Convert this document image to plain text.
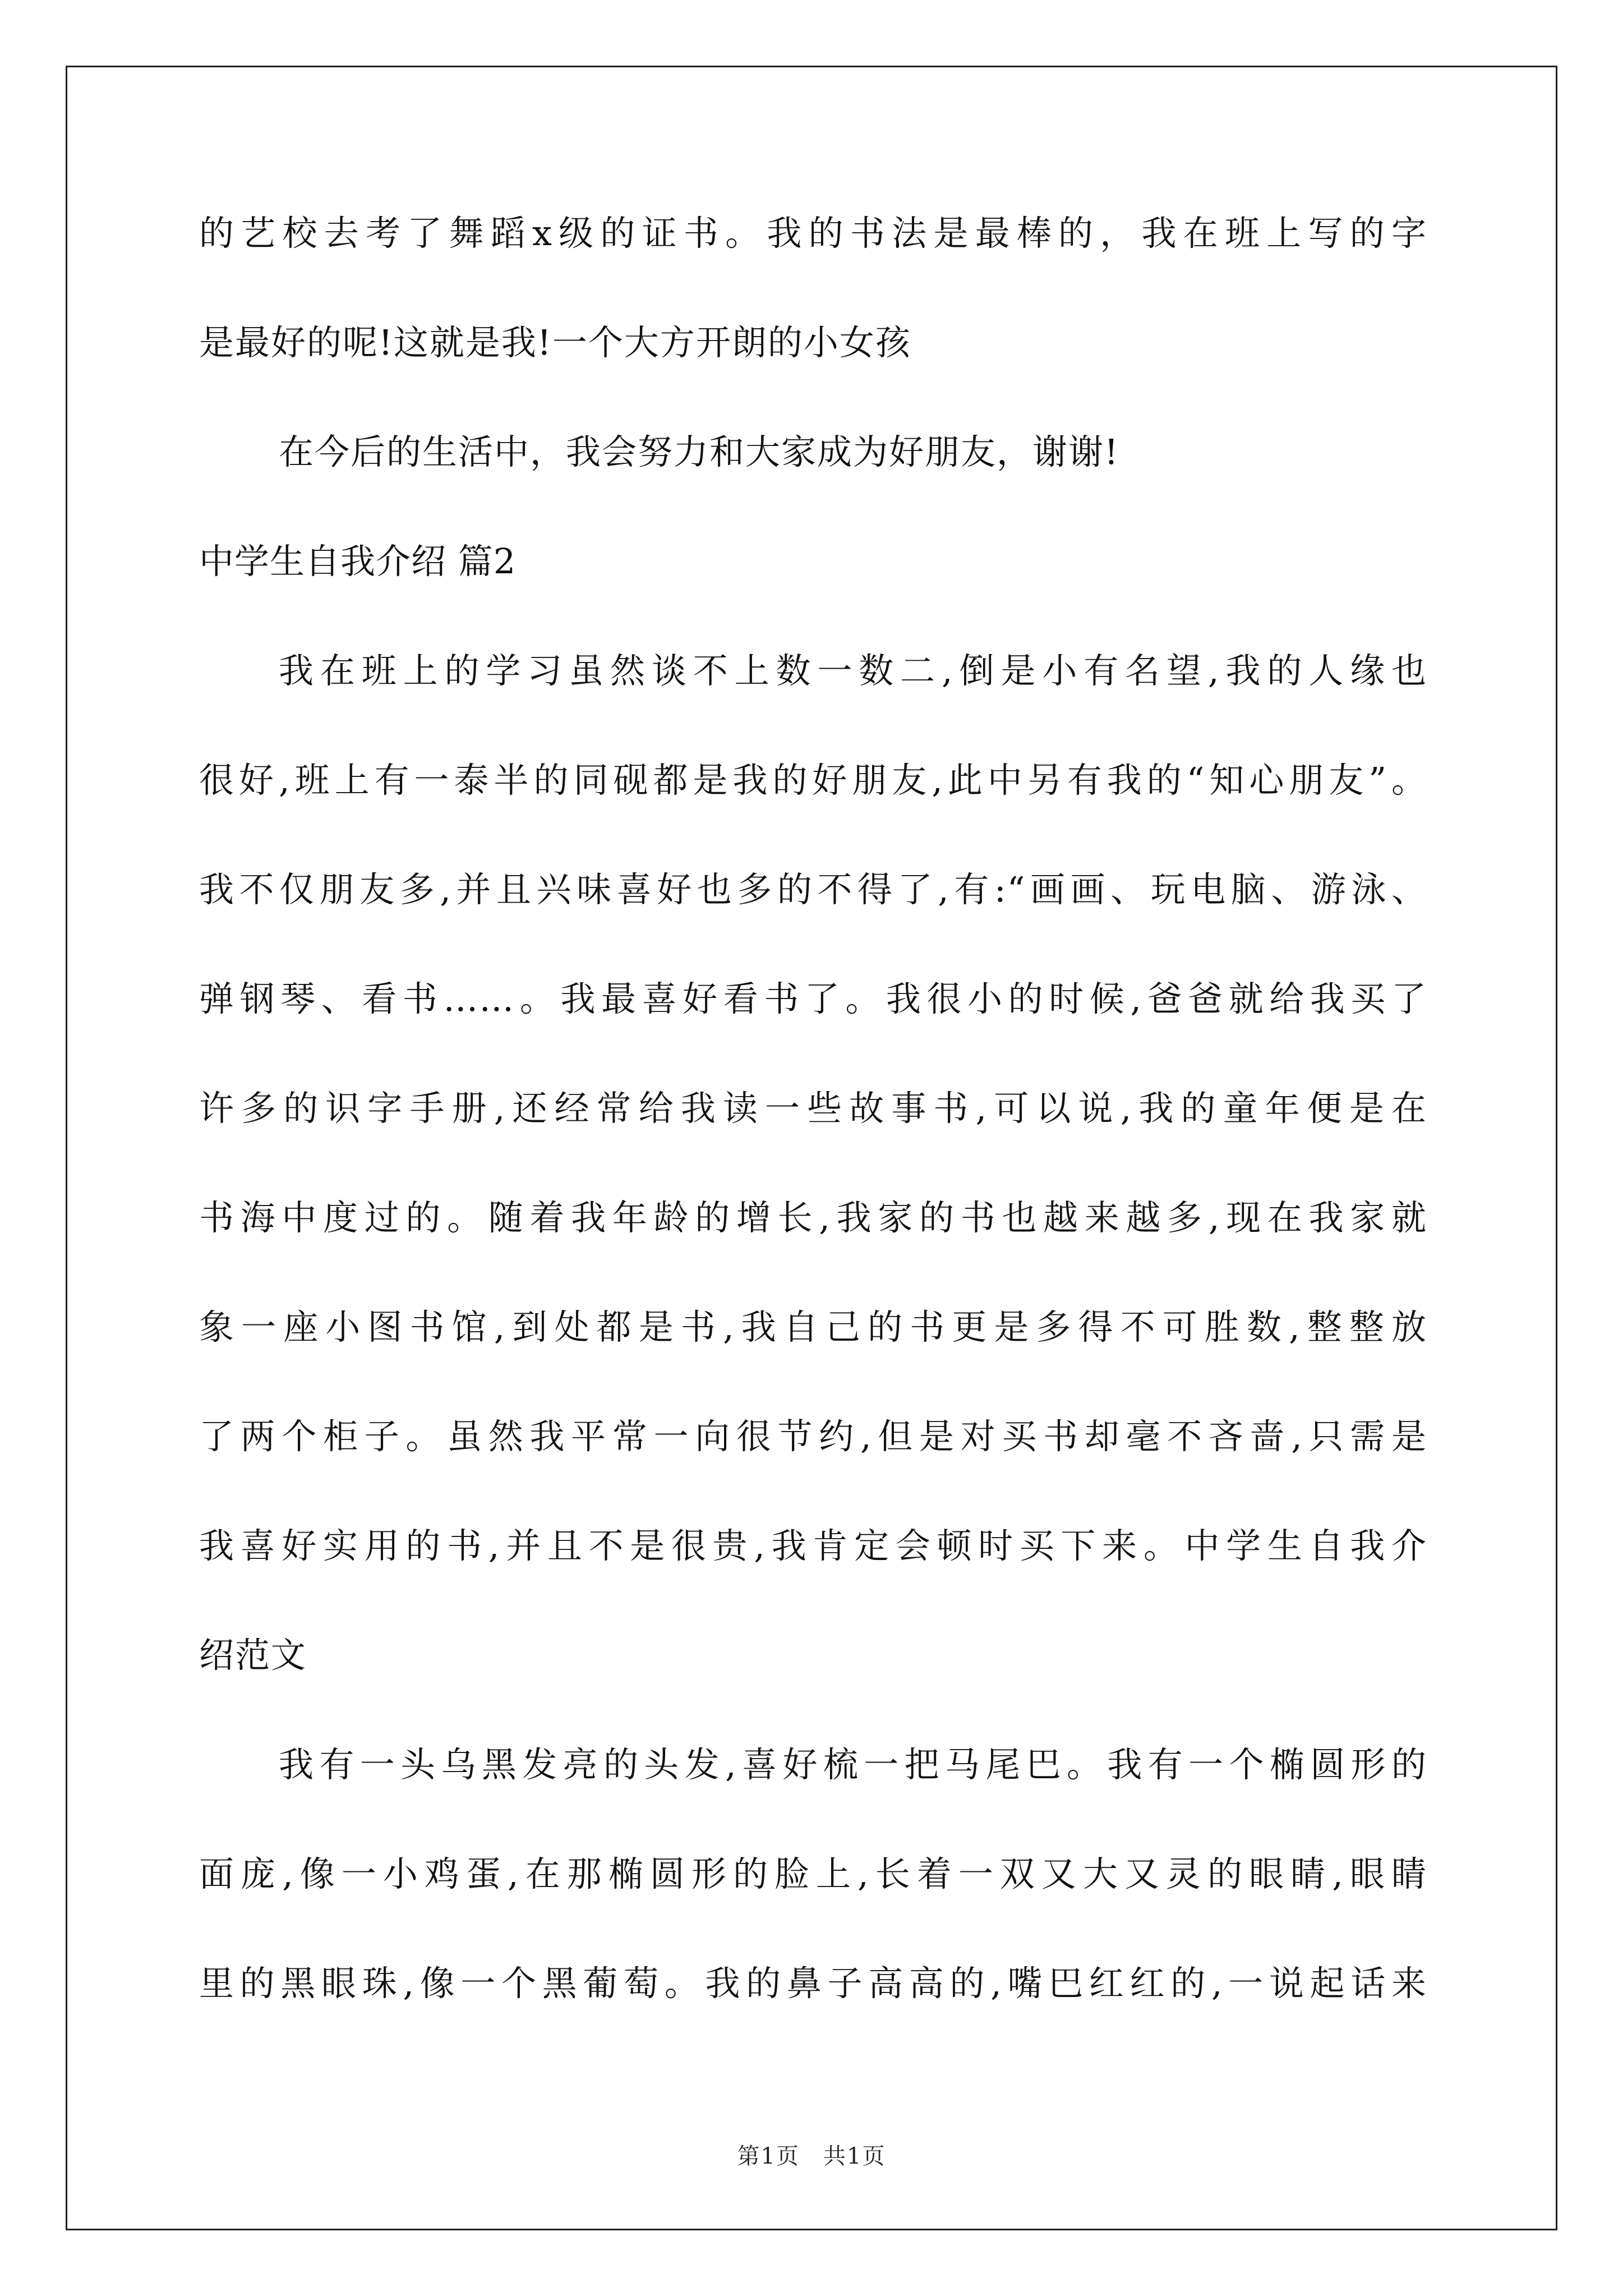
的艺校去考了舞蹈x级的证书。我的书法是最棒的，我在班上写的字
是最好的呢!这就是我!一个大方开朗的小女孩
在今后的生活中，我会努力和大家成为好朋友，谢谢!
中学生自我介绍 篇2
我在班上的学习虽然谈不上数一数二,倒是小有名望,我的人缘也
很好,班上有一泰半的同砚都是我的好朋友,此中另有我的“知心朋友”。
我不仅朋友多,并且兴味喜好也多的不得了,有:“画画、玩电脑、游泳、
弹钢琴、看书……。我最喜好看书了。我很小的时候,爸爸就给我买了
许多的识字手册,还经常给我读一些故事书,可以说,我的童年便是在
书海中度过的。随着我年龄的增长,我家的书也越来越多,现在我家就
象一座小图书馆,到处都是书,我自己的书更是多得不可胜数,整整放
了两个柜子。虽然我平常一向很节约,但是对买书却毫不吝啬,只需是
我喜好实用的书,并且不是很贵,我肯定会顿时买下来。中学生自我介
绍范文
我有一头乌黑发亮的头发,喜好梳一把马尾巴。我有一个椭圆形的
面庞,像一小鸡蛋,在那椭圆形的脸上,长着一双又大又灵的眼睛,眼睛
里的黑眼珠,像一个黑葡萄。我的鼻子高高的,嘴巴红红的,一说起话来
第1页　共1页
